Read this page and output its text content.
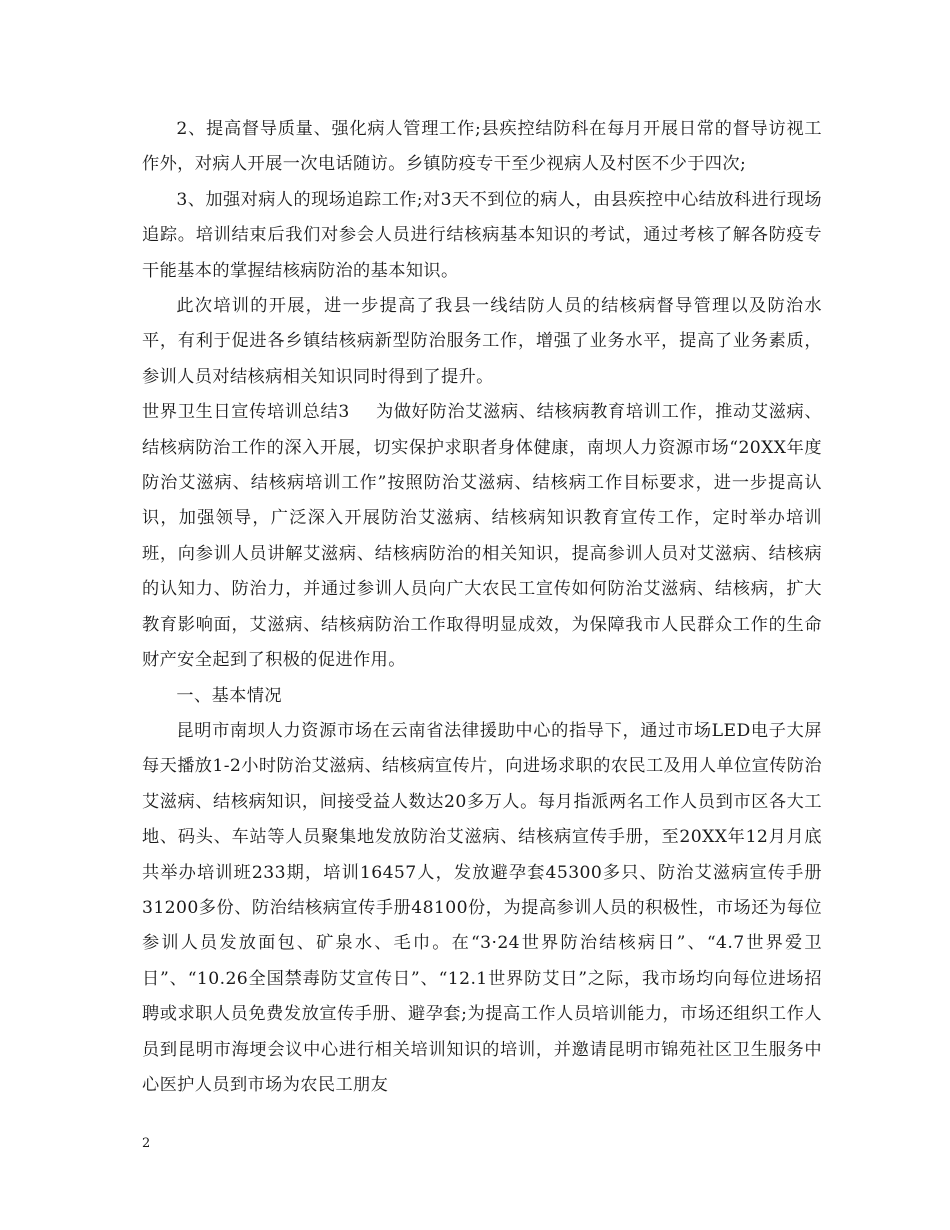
2、提高督导质量、强化病人管理工作;县疾控结防科在每月开展日常的督导访视工作外，对病人开展一次电话随访。乡镇防疫专干至少视病人及村医不少于四次;

3、加强对病人的现场追踪工作;对3天不到位的病人，由县疾控中心结放科进行现场追踪。培训结束后我们对参会人员进行结核病基本知识的考试，通过考核了解各防疫专干能基本的掌握结核病防治的基本知识。

此次培训的开展，进一步提高了我县一线结防人员的结核病督导管理以及防治水平，有利于促进各乡镇结核病新型防治服务工作，增强了业务水平，提高了业务素质，参训人员对结核病相关知识同时得到了提升。

世界卫生日宣传培训总结3 为做好防治艾滋病、结核病教育培训工作，推动艾滋病、结核病防治工作的深入开展，切实保护求职者身体健康，南坝人力资源市场“20XX年度防治艾滋病、结核病培训工作”按照防治艾滋病、结核病工作目标要求，进一步提高认识，加强领导，广泛深入开展防治艾滋病、结核病知识教育宣传工作，定时举办培训班，向参训人员讲解艾滋病、结核病防治的相关知识，提高参训人员对艾滋病、结核病的认知力、防治力，并通过参训人员向广大农民工宣传如何防治艾滋病、结核病，扩大教育影响面，艾滋病、结核病防治工作取得明显成效，为保障我市人民群众工作的生命财产安全起到了积极的促进作用。

一、基本情况

昆明市南坝人力资源市场在云南省法律援助中心的指导下，通过市场LED电子大屏每天播放1-2小时防治艾滋病、结核病宣传片，向进场求职的农民工及用人单位宣传防治艾滋病、结核病知识，间接受益人数达20多万人。每月指派两名工作人员到市区各大工地、码头、车站等人员聚集地发放防治艾滋病、结核病宣传手册，至20XX年12月月底共举办培训班233期，培训16457人，发放避孕套45300多只、防治艾滋病宣传手册31200多份、防治结核病宣传手册48100份，为提高参训人员的积极性，市场还为每位参训人员发放面包、矿泉水、毛巾。在“3·24世界防治结核病日”、“4.7世界爱卫日”、“10.26全国禁毒防艾宣传日”、“12.1世界防艾日”之际，我市场均向每位进场招聘或求职人员免费发放宣传手册、避孕套;为提高工作人员培训能力，市场还组织工作人员到昆明市海埂会议中心进行相关培训知识的培训，并邀请昆明市锦苑社区卫生服务中心医护人员到市场为农民工朋友

2
